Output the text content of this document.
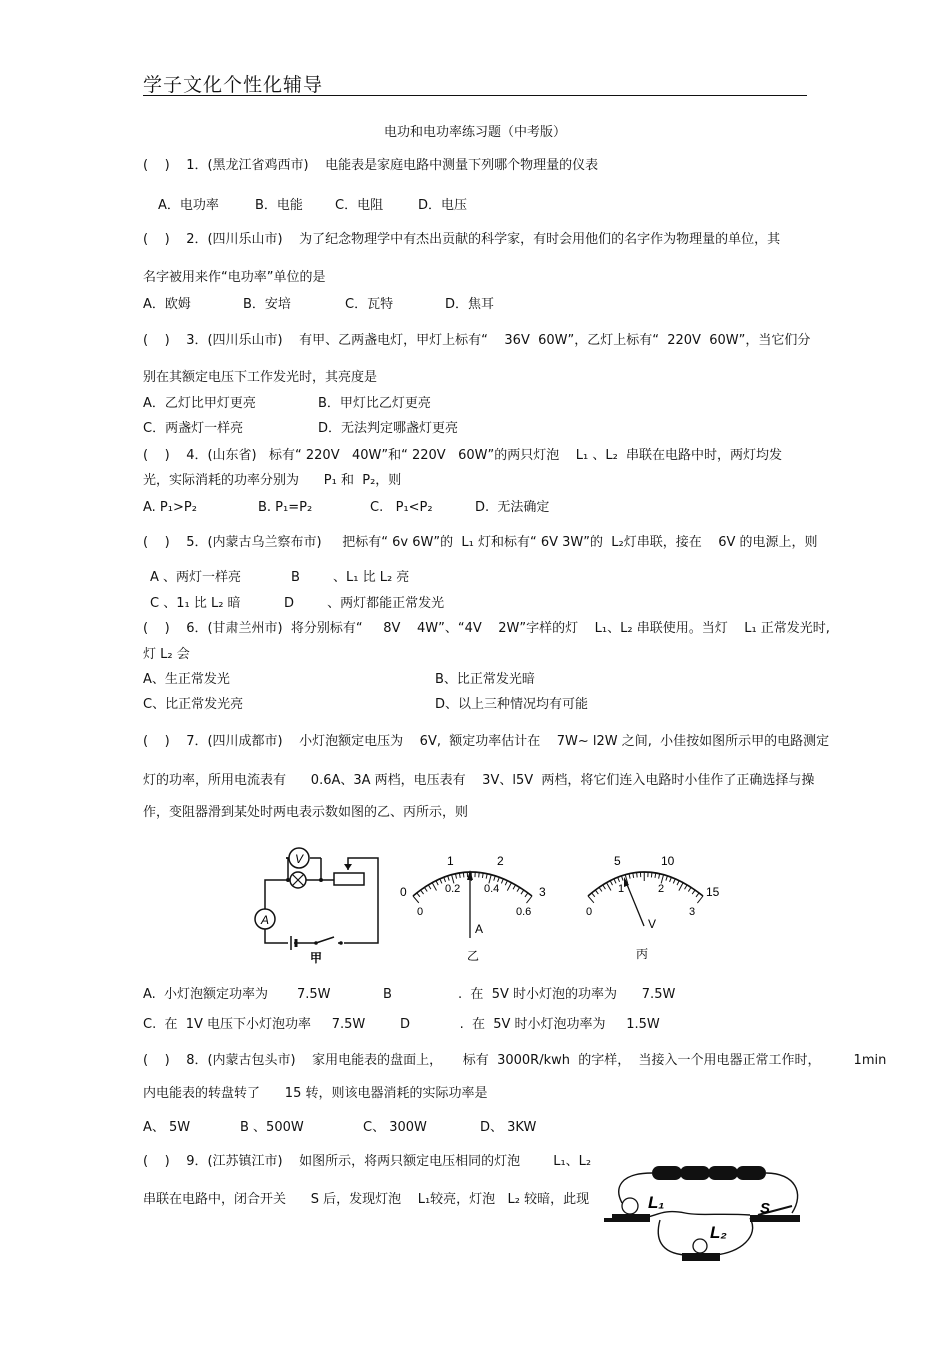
学子文化个性化辅导
电功和电功率练习题（中考版）
(    )    1．(黑龙江省鸡西市)    电能表是家庭电路中测量下列哪个物理量的仪表
A．电功率	B．电能 C．电阻	D．电压
(    )    2．(四川乐山市)    为了纪念物理学中有杰出贡献的科学家，有时会用他们的名字作为物理量的单位，其
名字被用来作“电功率”单位的是
A．欧姆	B．安培	C．瓦特	D．焦耳
(    )    3．(四川乐山市)    有甲、乙两盏电灯，甲灯上标有“    36V  60W”，乙灯上标有“  220V  60W”，当它们分
别在其额定电压下工作发光时，其亮度是
A．乙灯比甲灯更亮	B．甲灯比乙灯更亮
C．两盏灯一样亮	D．无法判定哪盏灯更亮
(    )    4．(山东省)   标有“ 220V   40W”和“ 220V   60W”的两只灯泡    L₁ 、L₂  串联在电路中时，两灯均发
光，实际消耗的功率分别为      P₁ 和  P₂，则
A. P₁>P₂	B. P₁=P₂	C.   P₁<P₂	D.  无法确定
(    )    5．(内蒙古乌兰察布市)     把标有“ 6v 6W”的  L₁ 灯和标有“ 6V 3W”的  L₂灯串联，接在    6V 的电源上，则
A 、两灯一样亮	B        、L₁ 比 L₂ 亮
C 、1₁ 比 L₂ 暗	D        、两灯都能正常发光
(    )    6．(甘肃兰州市)  将分别标有“     8V    4W”、“4V    2W”字样的灯    L₁、L₂ 串联使用。当灯    L₁ 正常发光时,
灯 L₂ 会
A、生正常发光	B、比正常发光暗
C、比正常发光亮	D、以上三种情况均有可能
(    )    7．(四川成都市)    小灯泡额定电压为    6V,  额定功率估计在    7W~ l2W 之间,  小佳按如图所示甲的电路测定
灯的功率，所用电流表有      0.6A、3A 两档，电压表有    3V、l5V  两档，将它们连入电路时小佳作了正确选择与操
作，变阻器滑到某处时两电表示数如图的乙、丙所示，则
V
A
甲
1	2
0	3
0
0.2 0.4
0.6
A
乙
5	10
15
0
1	2
3
V
丙
A.  小灯泡额定功率为       7.5W	B                .  在  5V 时小灯泡的功率为      7.5W
C.  在  1V 电压下小灯泡功率     7.5W	D            .  在  5V 时小灯泡功率为     1.5W
(    )    8．(内蒙古包头市)    家用电能表的盘面上，     标有  3000R/kwh  的字样，  当接入一个用电器正常工作时，        1min
内电能表的转盘转了      15 转，则该电器消耗的实际功率是
A、 5W	B 、500W	C、 300W	D、 3KW
(    )    9．(江苏镇江市)    如图所示，将两只额定电压相同的灯泡        L₁、L₂
串联在电路中，闭合开关      S 后，发现灯泡    L₁较亮，灯泡   L₂ 较暗，此现	L₁
L₂
S
